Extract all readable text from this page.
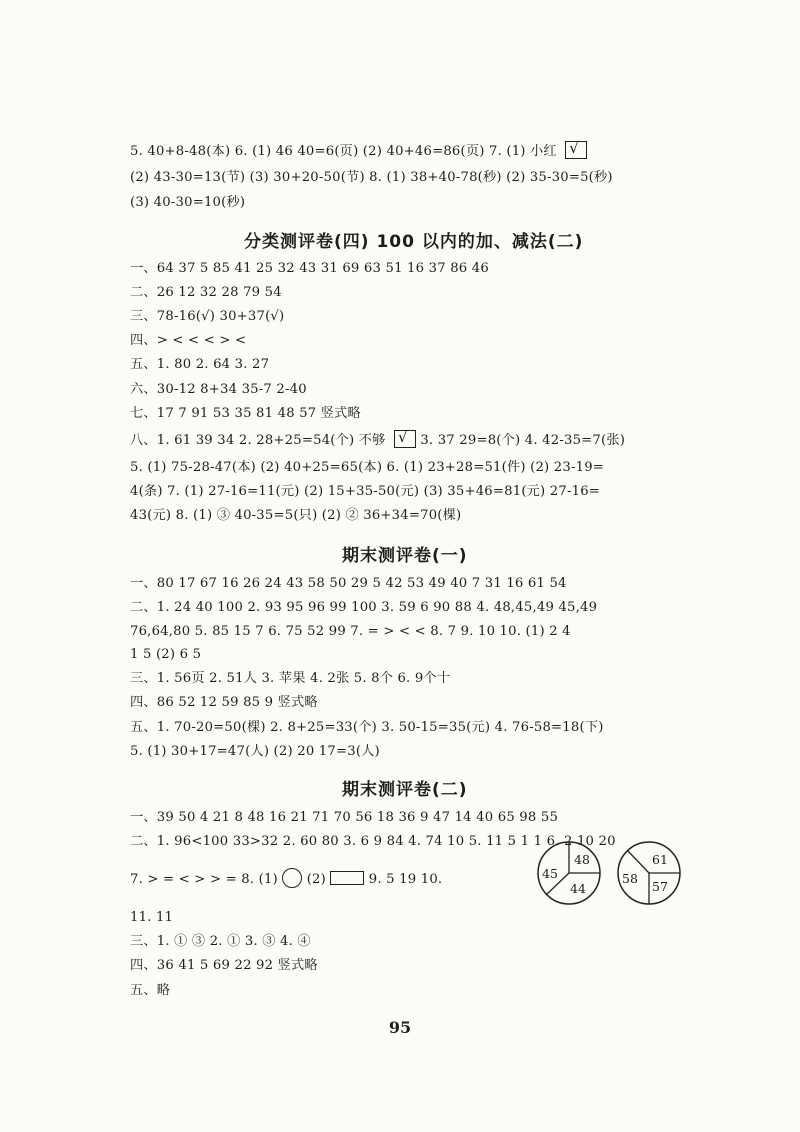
5. 40+8-48(本) 6. (1) 46 40=6(页) (2) 40+46=86(页) 7. (1) 小红 √
(2) 43-30=13(节) (3) 30+20-50(节) 8. (1) 38+40-78(秒) (2) 35-30=5(秒)
(3) 40-30=10(秒)
分类测评卷(四) 100 以内的加、减法(二)
一、64 37 5 85 41 25 32 43 31 69 63 51 16 37 86 46
二、26 12 32 28 79 54
三、78-16(√) 30+37(√)
四、> < < < > <
五、1. 80 2. 64 3. 27
六、30-12 8+34 35-7 2-40
七、17 7 91 53 35 81 48 57 竖式略
八、1. 61 39 34 2. 28+25=54(个) 不够 √ 3. 37 29=8(个) 4. 42-35=7(张)
5. (1) 75-28-47(本) (2) 40+25=65(本) 6. (1) 23+28=51(件) (2) 23-19=
4(条) 7. (1) 27-16=11(元) (2) 15+35-50(元) (3) 35+46=81(元) 27-16=
43(元) 8. (1) ③ 40-35=5(只) (2) ② 36+34=70(棵)
期末测评卷(一)
一、80 17 67 16 26 24 43 58 50 29 5 42 53 49 40 7 31 16 61 54
二、1. 24 40 100 2. 93 95 96 99 100 3. 59 6 90 88 4. 48,45,49 45,49
76,64,80 5. 85 15 7 6. 75 52 99 7. = > < < 8. 7 9. 10 10. (1) 2 4
1 5 (2) 6 5
三、1. 56页 2. 51人 3. 苹果 4. 2张 5. 8个 6. 9个十
四、86 52 12 59 85 9 竖式略
五、1. 70-20=50(棵) 2. 8+25=33(个) 3. 50-15=35(元) 4. 76-58=18(下)
5. (1) 30+17=47(人) (2) 20 17=3(人)
期末测评卷(二)
一、39 50 4 21 8 48 16 21 71 70 56 18 36 9 47 14 40 65 98 55
二、1. 96<100 33>32 2. 60 80 3. 6 9 84 4. 74 10 5. 11 5 1 1 6. 2 10 20
7. > = < > > = 8. (1)  (2)	9. 5 19 10.
48
44
45
61
57
58
11. 11
三、1. ① ③ 2. ① 3. ③ 4. ④
四、36 41 5 69 22 92 竖式略
五、略
95
